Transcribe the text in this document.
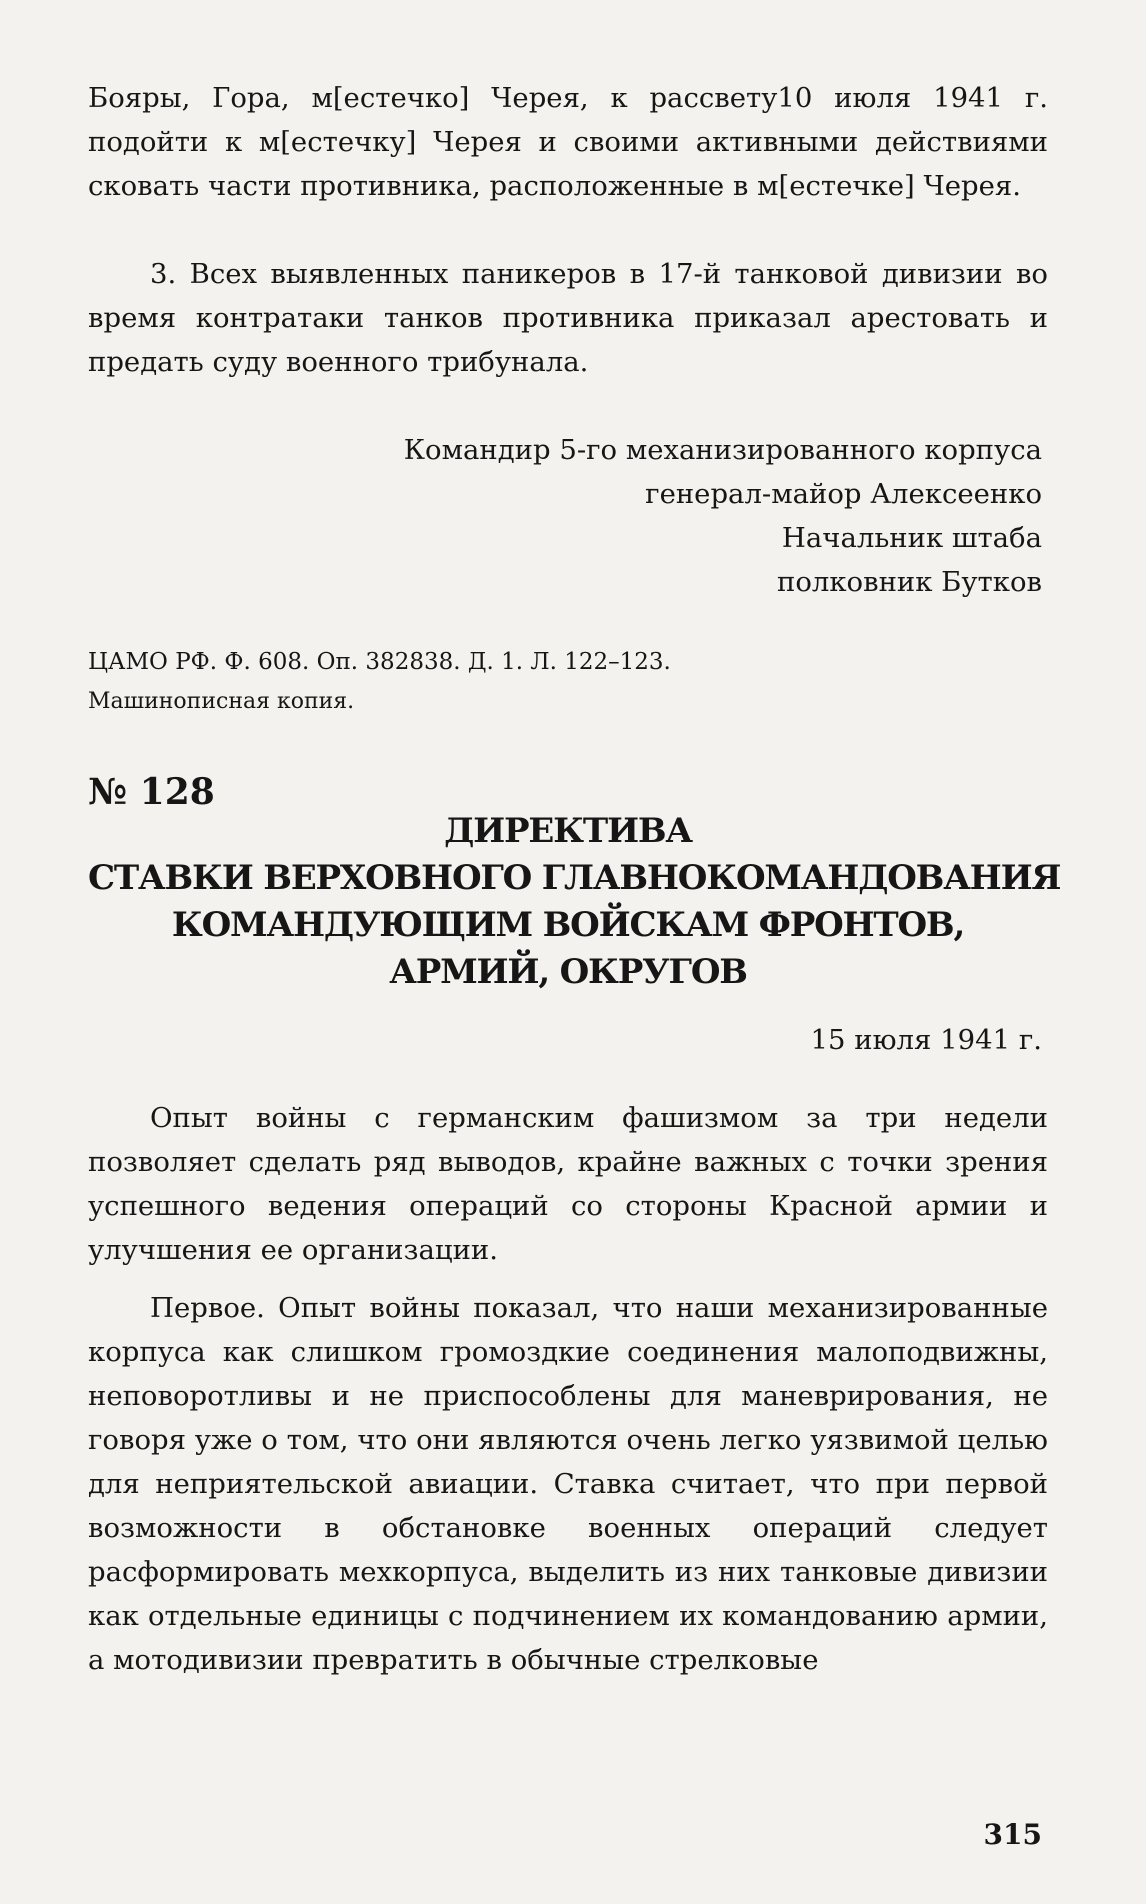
Бояры, Гора, м[естечко] Черея, к рассвету10 июля 1941 г. подойти к м[естечку] Черея и своими активными действиями сковать части противника, расположенные в м[естечке] Черея.

3. Всех выявленных паникеров в 17-й танковой дивизии во время контратаки танков противника приказал арестовать и предать суду военного трибунала.

Командир 5-го механизированного корпуса
генерал-майор Алексеенко
Начальник штаба
полковник Бутков
ЦАМО РФ. Ф. 608. Оп. 382838. Д. 1. Л. 122–123.
Машинописная копия.
№ 128
ДИРЕКТИВА
СТАВКИ ВЕРХОВНОГО ГЛАВНОКОМАНДОВАНИЯ
КОМАНДУЮЩИМ ВОЙСКАМ ФРОНТОВ,
АРМИЙ, ОКРУГОВ
15 июля 1941 г.

Опыт войны с германским фашизмом за три недели позволяет сделать ряд выводов, крайне важных с точки зрения успешного ведения операций со стороны Красной армии и улучшения ее организации.

Первое. Опыт войны показал, что наши механизированные корпуса как слишком громоздкие соединения малоподвижны, неповоротливы и не приспособлены для маневрирования, не говоря уже о том, что они являются очень легко уязвимой целью для неприятельской авиации. Ставка считает, что при первой возможности в обстановке военных операций следует расформировать мехкорпуса, выделить из них танковые дивизии как отдельные единицы с подчинением их командованию армии, а мотодивизии превратить в обычные стрелковые

315
